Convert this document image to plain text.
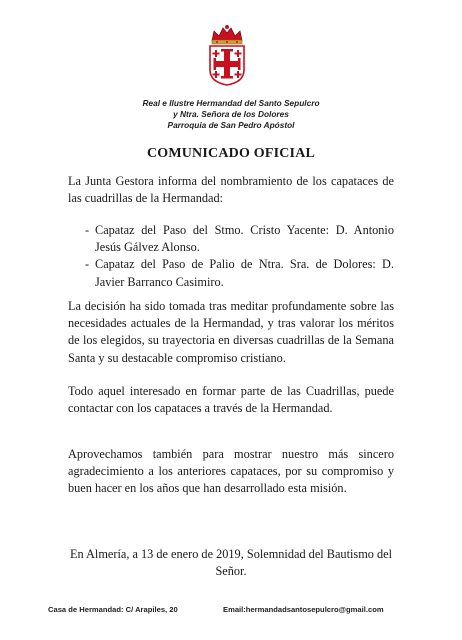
Real e Ilustre Hermandad del Santo Sepulcro
y Ntra. Señora de los Dolores
Parroquia de San Pedro Apóstol
COMUNICADO OFICIAL
La Junta Gestora informa del nombramiento de los capataces de las cuadrillas de la Hermandad:
- Capataz del Paso del Stmo. Cristo Yacente: D. Antonio Jesús Gálvez Alonso.
- Capataz del Paso de Palio de Ntra. Sra. de Dolores: D. Javier Barranco Casimiro.
La decisión ha sido tomada tras meditar profundamente sobre las necesidades actuales de la Hermandad, y tras valorar los méritos de los elegidos, su trayectoria en diversas cuadrillas de la Semana Santa y su destacable compromiso cristiano.
Todo aquel interesado en formar parte de las Cuadrillas, puede contactar con los capataces a través de la Hermandad.
Aprovechamos también para mostrar nuestro más sincero agradecimiento a los anteriores capataces, por su compromiso y buen hacer en los años que han desarrollado esta misión.
En Almería, a 13 de enero de 2019, Solemnidad del Bautismo del Señor.
Casa de Hermandad: C/ Arapiles, 20	Email:hermandadsantosepulcro@gmail.com
